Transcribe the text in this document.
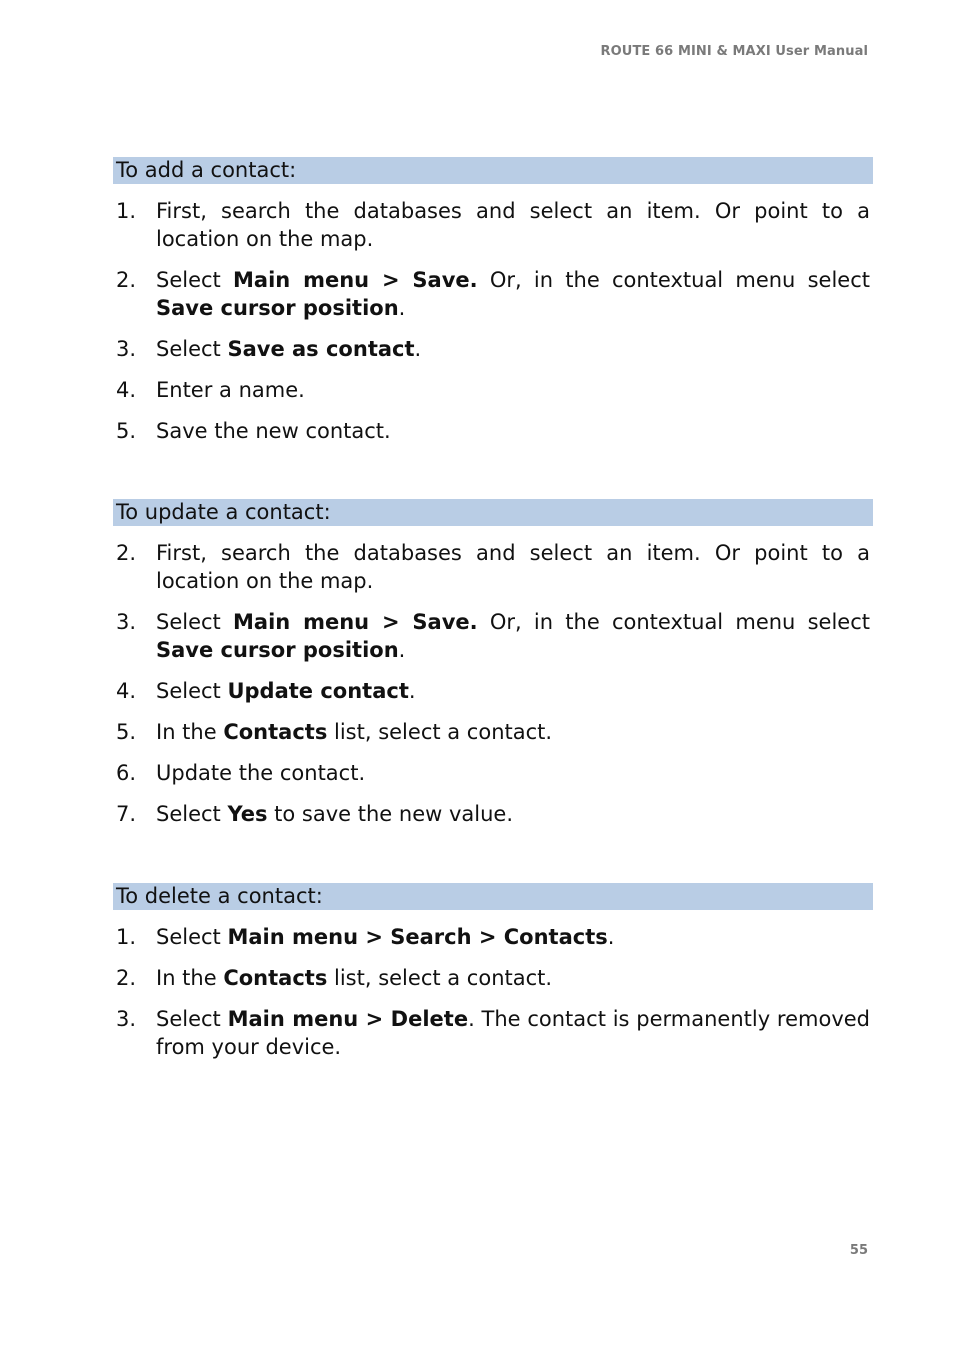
ROUTE 66 MINI & MAXI User Manual
To add a contact:
1. First, search the databases and select an item. Or point to a location on the map.
2. Select Main menu > Save. Or, in the contextual menu select Save cursor position.
3. Select Save as contact.
4. Enter a name.
5. Save the new contact.
To update a contact:
2. First, search the databases and select an item. Or point to a location on the map.
3. Select Main menu > Save. Or, in the contextual menu select Save cursor position.
4. Select Update contact.
5. In the Contacts list, select a contact.
6. Update the contact.
7. Select Yes to save the new value.
To delete a contact:
1. Select Main menu > Search > Contacts.
2. In the Contacts list, select a contact.
3. Select Main menu > Delete. The contact is permanently removed from your device.
55
